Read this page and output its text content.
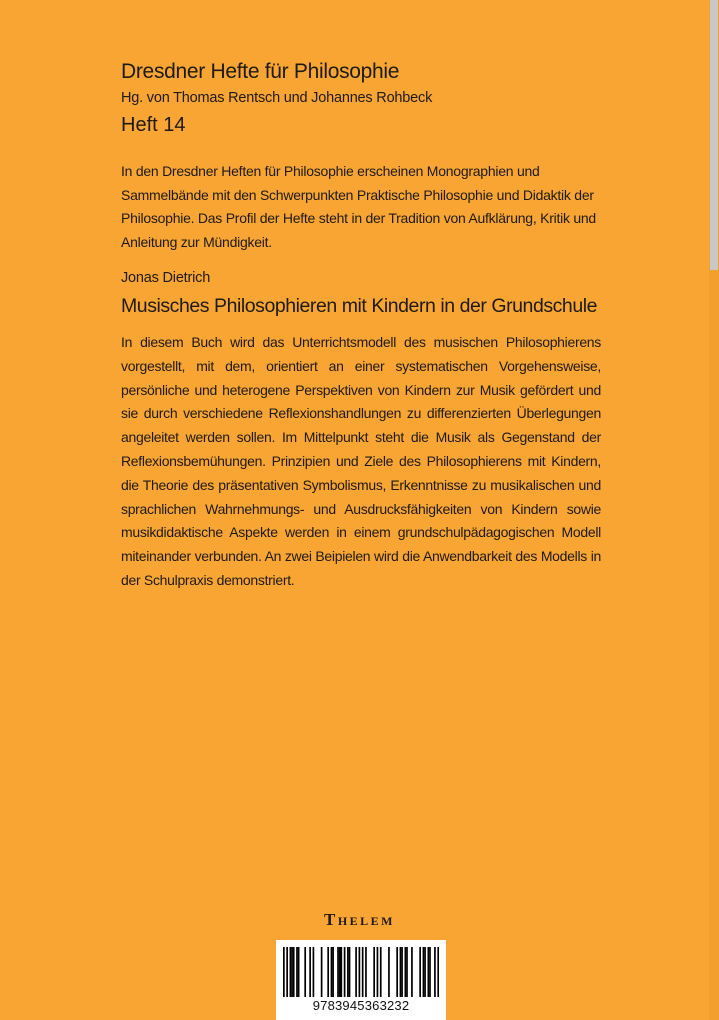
Dresdner Hefte für Philosophie
Hg. von Thomas Rentsch und Johannes Rohbeck
Heft 14

In den Dresdner Heften für Philosophie erscheinen Monographien und Sammelbände mit den Schwerpunkten Praktische Philosophie und Didaktik der Philosophie. Das Profil der Hefte steht in der Tradition von Aufklärung, Kritik und Anleitung zur Mündigkeit.

Jonas Dietrich
Musisches Philosophieren mit Kindern in der Grundschule

In diesem Buch wird das Unterrichtsmodell des musischen Philosophierens vorgestellt, mit dem, orientiert an einer systematischen Vorgehensweise, persönliche und heterogene Perspektiven von Kindern zur Musik gefördert und sie durch verschiedene Reflexionshandlungen zu differenzierten Überlegungen angeleitet werden sollen. Im Mittelpunkt steht die Musik als Gegenstand der Reflexionsbemühungen. Prinzipien und Ziele des Philosophierens mit Kindern, die Theorie des präsentativen Symbolismus, Erkenntnisse zu musikalischen und sprachlichen Wahrnehmungs- und Ausdrucksfähigkeiten von Kindern sowie musikdidaktische Aspekte werden in einem grundschulpädagogischen Modell miteinander verbunden. An zwei Beipielen wird die Anwendbarkeit des Modells in der Schulpraxis demonstriert.

Thelem
9783945363232
